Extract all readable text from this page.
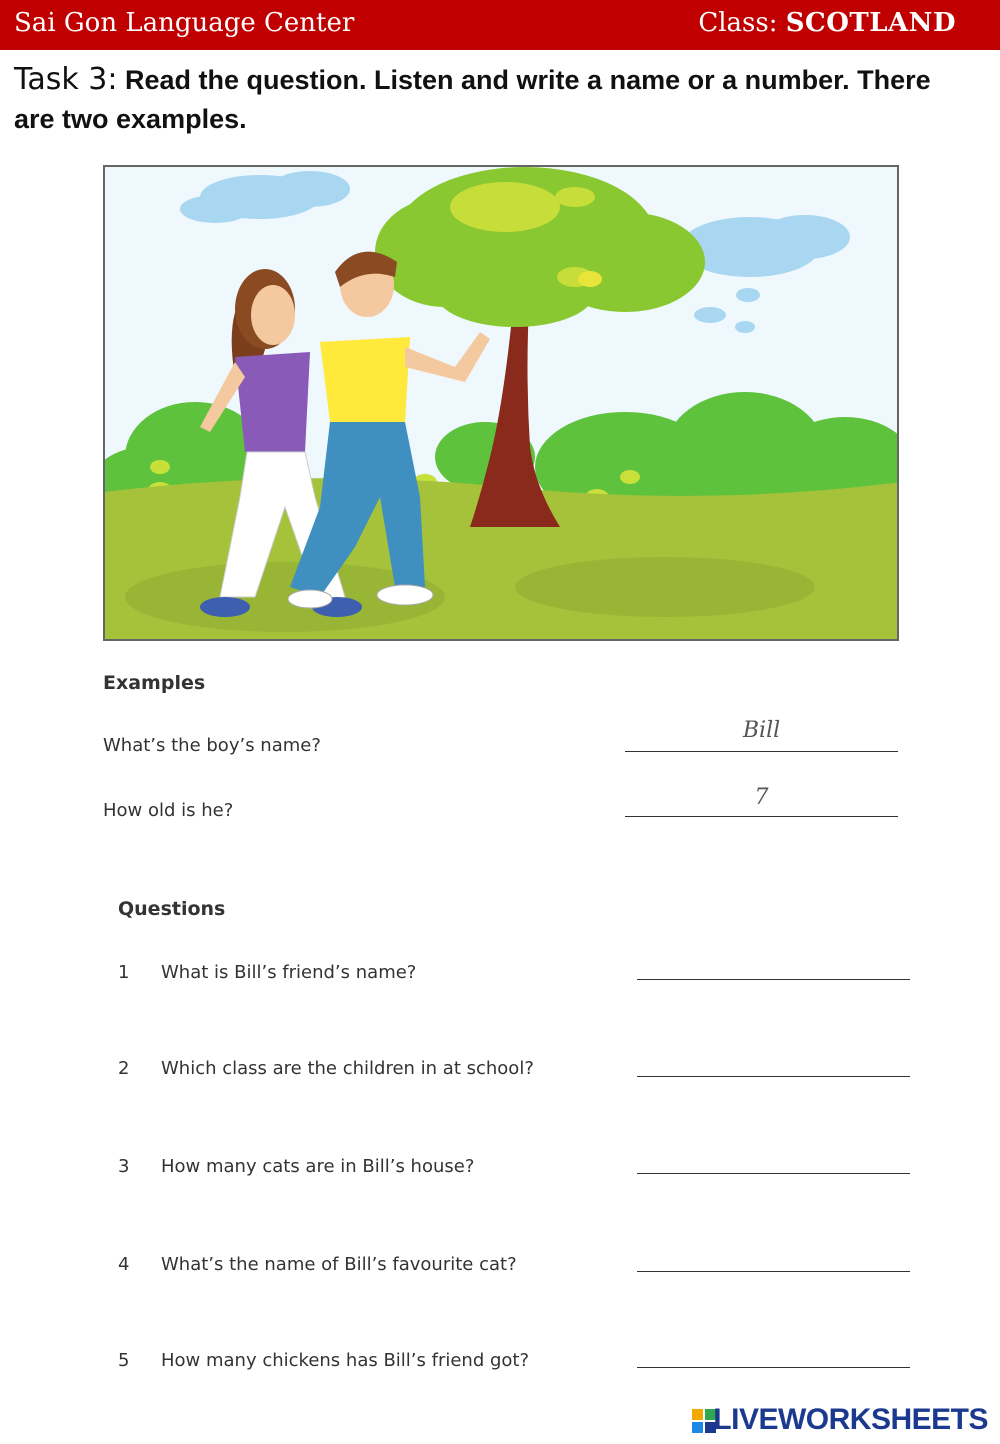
Sai Gon Language Center	Class: SCOTLAND
Task 3: Read the question. Listen and write a name or a number. There are two examples.
Examples
What’s the boy’s name?
Bill
How old is he?
7
Questions
1 What is Bill’s friend’s name?
2 Which class are the children in at school?
3 How many cats are in Bill’s house?
4 What’s the name of Bill’s favourite cat?
5 How many chickens has Bill’s friend got?
LIVEWORKSHEETS
